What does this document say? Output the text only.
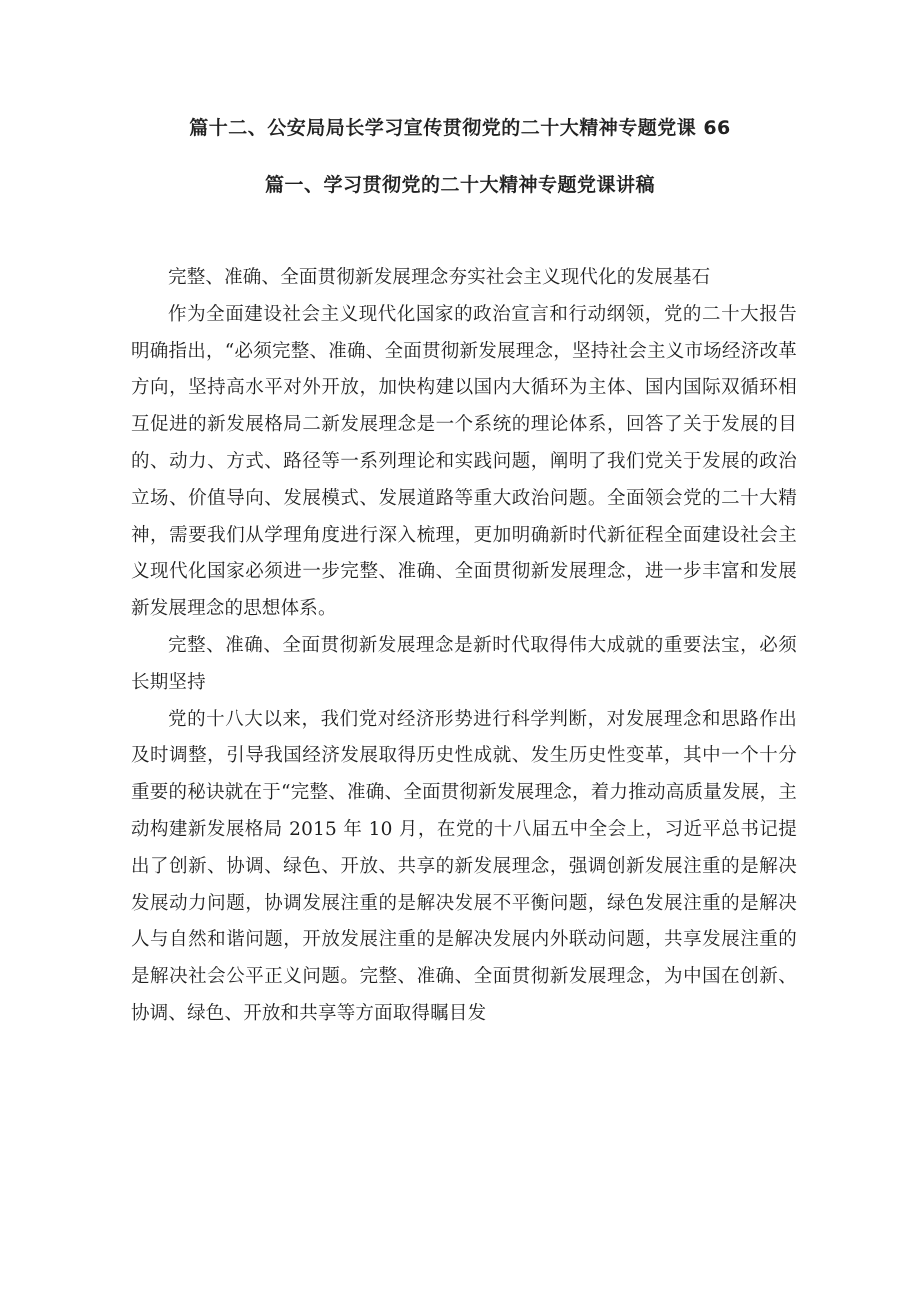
篇十二、公安局局长学习宣传贯彻党的二十大精神专题党课 66
篇一、学习贯彻党的二十大精神专题党课讲稿

完整、准确、全面贯彻新发展理念夯实社会主义现代化的发展基石

作为全面建设社会主义现代化国家的政治宣言和行动纲领，党的二十大报告明确指出，“必须完整、准确、全面贯彻新发展理念，坚持社会主义市场经济改革方向，坚持高水平对外开放，加快构建以国内大循环为主体、国内国际双循环相互促进的新发展格局二新发展理念是一个系统的理论体系，回答了关于发展的目的、动力、方式、路径等一系列理论和实践问题，阐明了我们党关于发展的政治立场、价值导向、发展模式、发展道路等重大政治问题。全面领会党的二十大精神，需要我们从学理角度进行深入梳理，更加明确新时代新征程全面建设社会主义现代化国家必须进一步完整、准确、全面贯彻新发展理念，进一步丰富和发展新发展理念的思想体系。

完整、准确、全面贯彻新发展理念是新时代取得伟大成就的重要法宝，必须长期坚持

党的十八大以来，我们党对经济形势进行科学判断，对发展理念和思路作出及时调整，引导我国经济发展取得历史性成就、发生历史性变革，其中一个十分重要的秘诀就在于“完整、准确、全面贯彻新发展理念，着力推动高质量发展，主动构建新发展格局 2015 年 10 月，在党的十八届五中全会上，习近平总书记提出了创新、协调、绿色、开放、共享的新发展理念，强调创新发展注重的是解决发展动力问题，协调发展注重的是解决发展不平衡问题，绿色发展注重的是解决人与自然和谐问题，开放发展注重的是解决发展内外联动问题，共享发展注重的是解决社会公平正义问题。完整、准确、全面贯彻新发展理念，为中国在创新、协调、绿色、开放和共享等方面取得瞩目发
